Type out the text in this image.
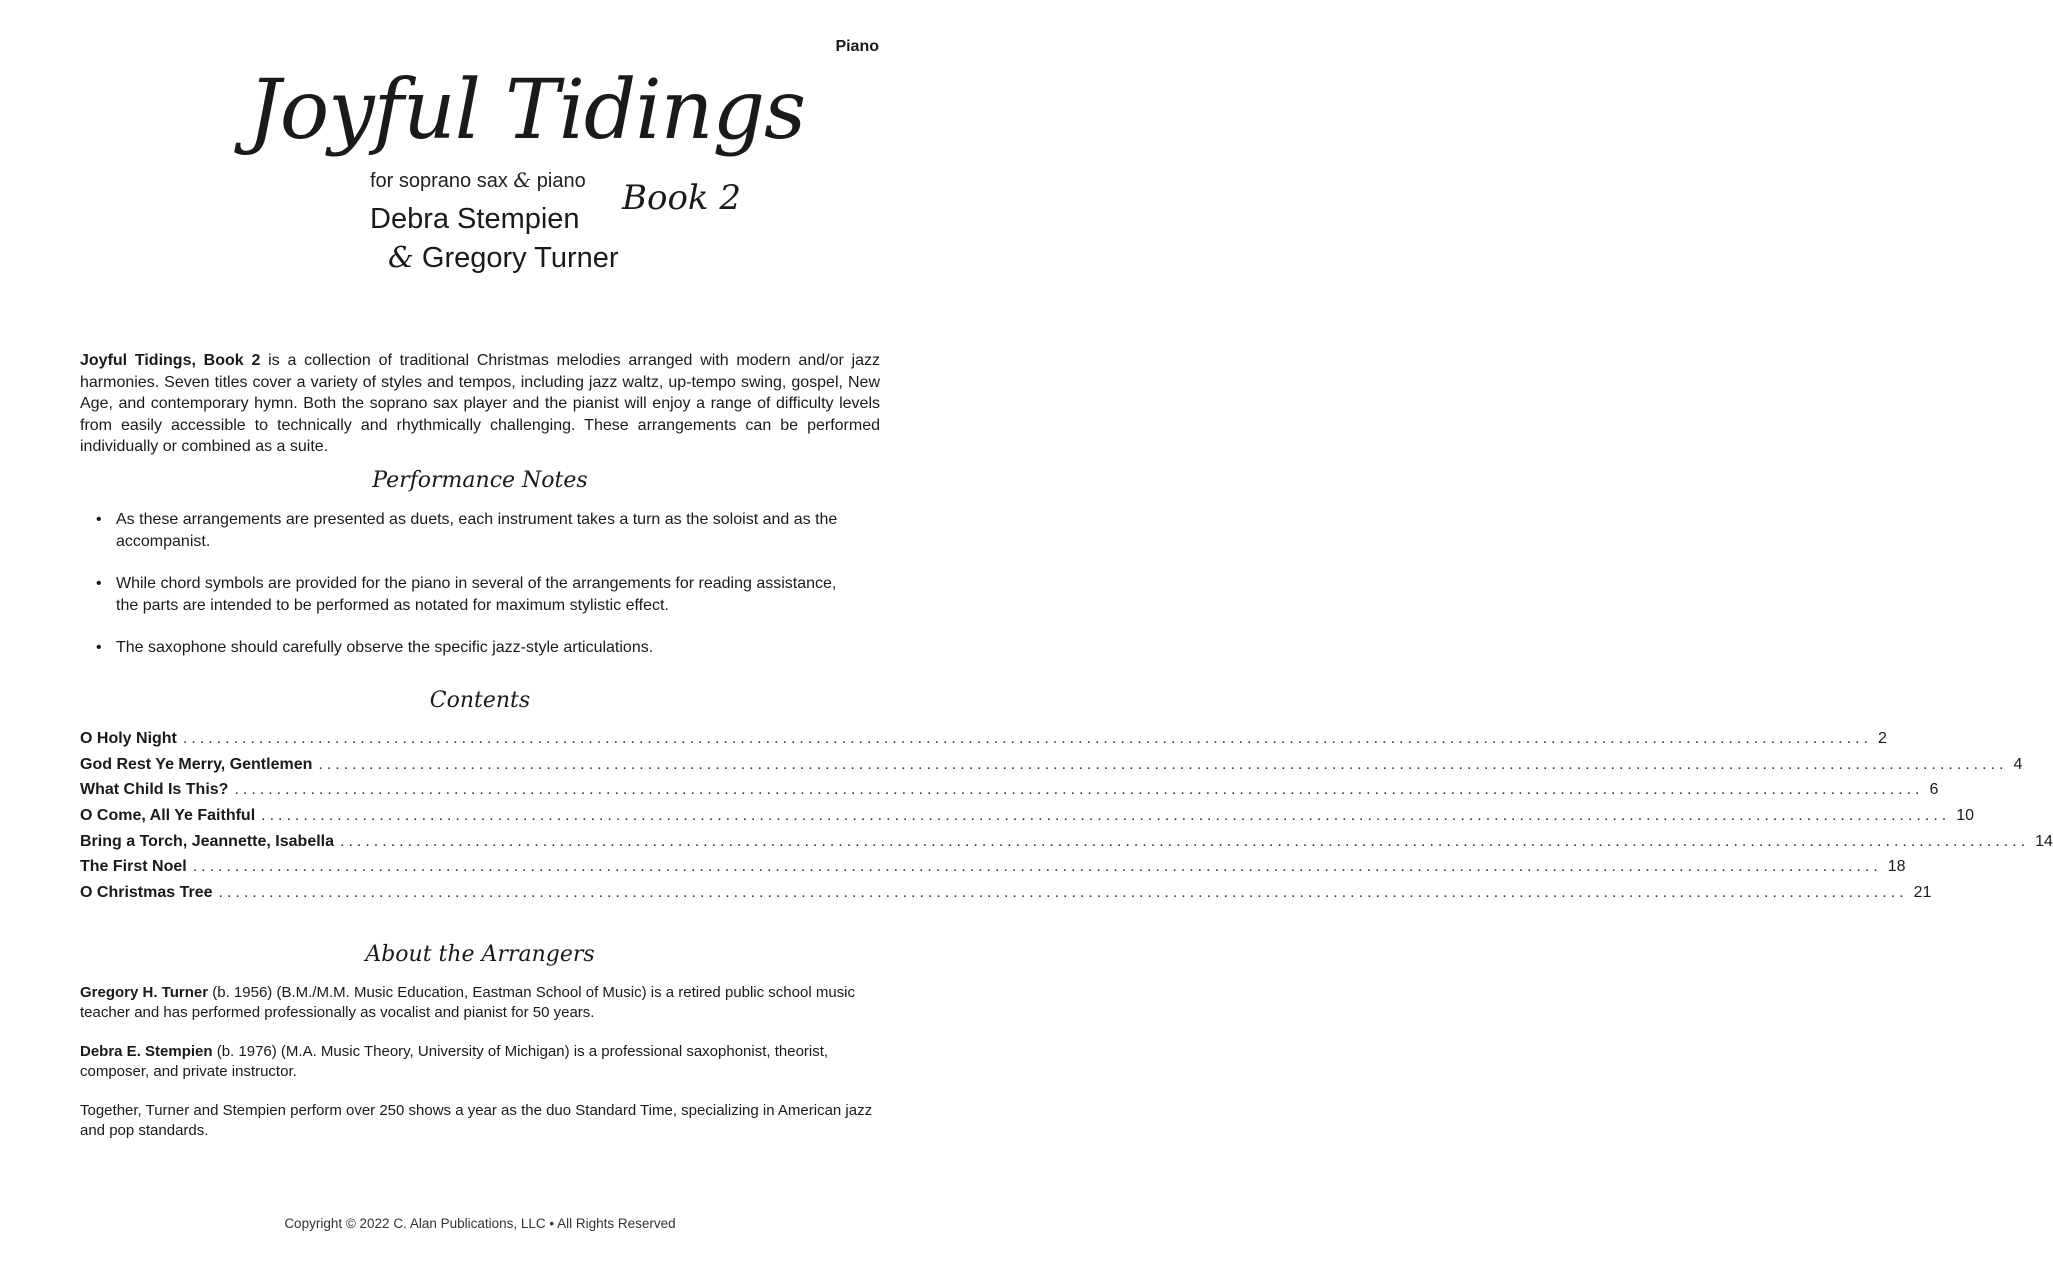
Piano
Joyful Tidings
for soprano sax & piano Book 2
Debra Stempien
& Gregory Turner
Joyful Tidings, Book 2 is a collection of traditional Christmas melodies arranged with modern and/or jazz harmonies. Seven titles cover a variety of styles and tempos, including jazz waltz, up-tempo swing, gospel, New Age, and contemporary hymn. Both the soprano sax player and the pianist will enjoy a range of difficulty levels from easily accessible to technically and rhythmically challenging. These arrangements can be performed individually or combined as a suite.
Performance Notes
• As these arrangements are presented as duets, each instrument takes a turn as the soloist and as the accompanist.
• While chord symbols are provided for the piano in several of the arrangements for reading assistance, the parts are intended to be performed as notated for maximum stylistic effect.
• The saxophone should carefully observe the specific jazz-style articulations.
Contents
O Holy Night ........................................................................................................................................................................................................ 2
God Rest Ye Merry, Gentlemen ........................................................................................................................................................................................................ 4
What Child Is This? ........................................................................................................................................................................................................ 6
O Come, All Ye Faithful ........................................................................................................................................................................................................ 10
Bring a Torch, Jeannette, Isabella ........................................................................................................................................................................................................ 14
The First Noel ........................................................................................................................................................................................................ 18
O Christmas Tree ........................................................................................................................................................................................................ 21
About the Arrangers
Gregory H. Turner (b. 1956) (B.M./M.M. Music Education, Eastman School of Music) is a retired public school music teacher and has performed professionally as vocalist and pianist for 50 years.
Debra E. Stempien (b. 1976) (M.A. Music Theory, University of Michigan) is a professional saxophonist, theorist, composer, and private instructor.
Together, Turner and Stempien perform over 250 shows a year as the duo Standard Time, specializing in American jazz and pop standards.
Copyright © 2022 C. Alan Publications, LLC • All Rights Reserved
